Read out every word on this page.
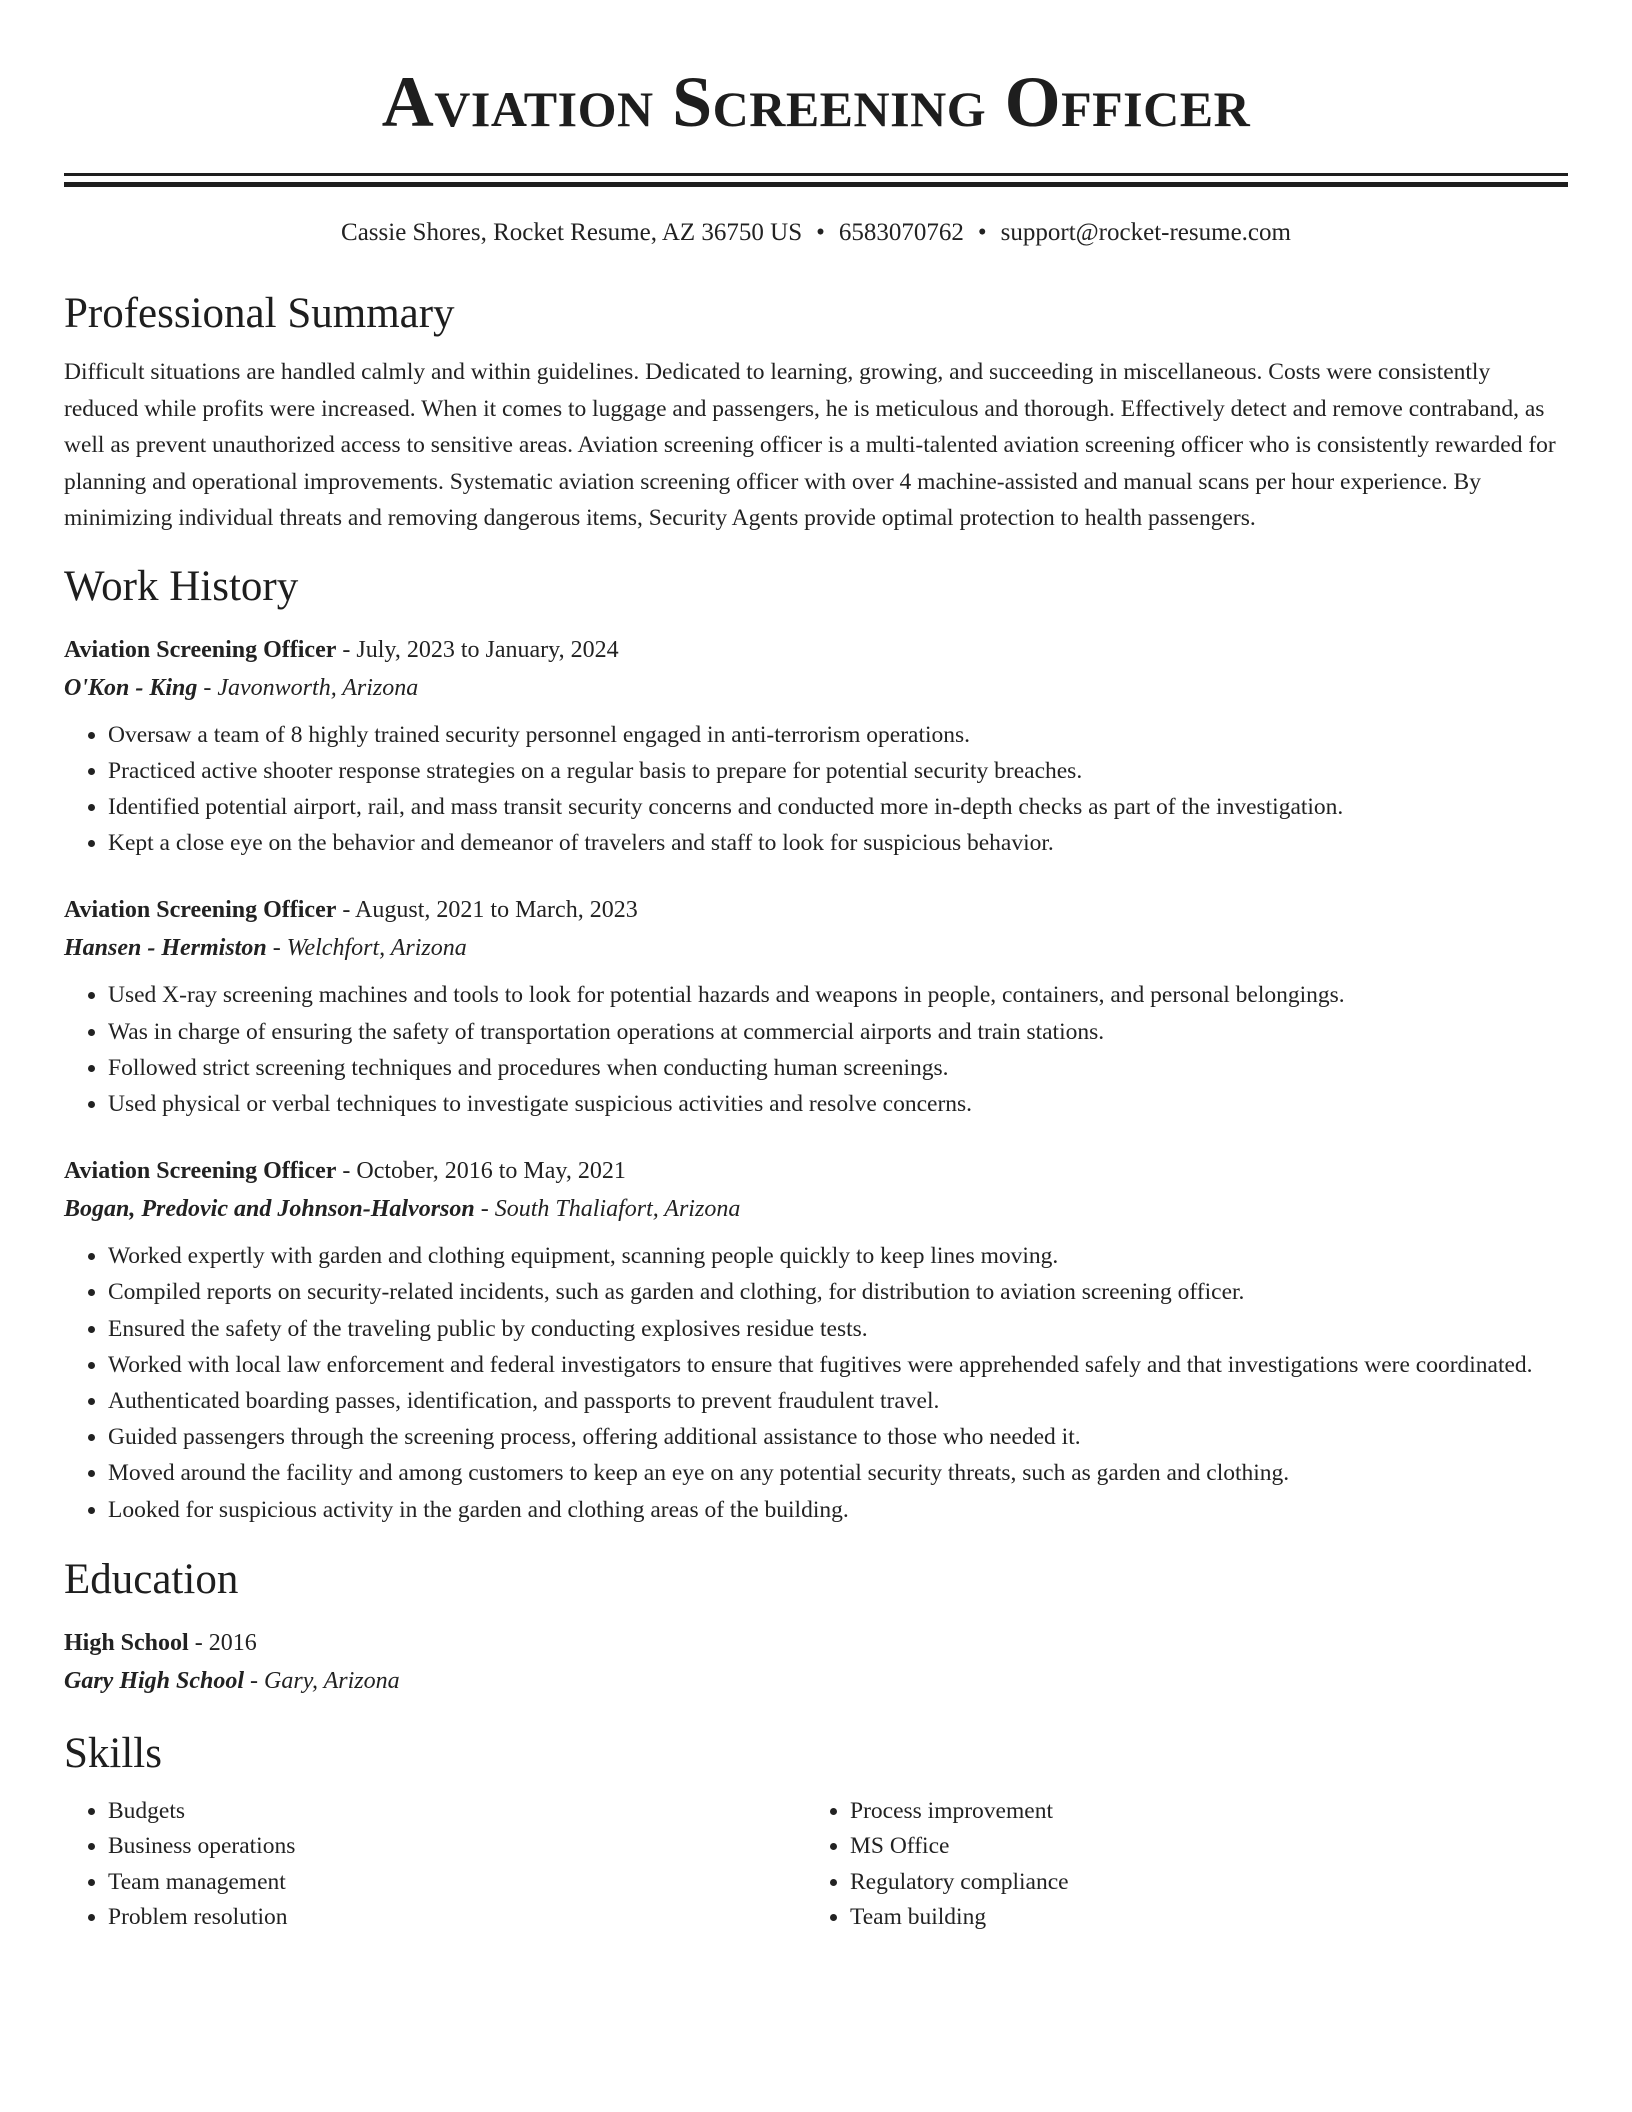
Aviation Screening Officer
Cassie Shores, Rocket Resume, AZ 36750 US • 6583070762 • support@rocket-resume.com
Professional Summary

Difficult situations are handled calmly and within guidelines. Dedicated to learning, growing, and succeeding in miscellaneous. Costs were consistently reduced while profits were increased. When it comes to luggage and passengers, he is meticulous and thorough. Effectively detect and remove contraband, as well as prevent unauthorized access to sensitive areas. Aviation screening officer is a multi-talented aviation screening officer who is consistently rewarded for planning and operational improvements. Systematic aviation screening officer with over 4 machine-assisted and manual scans per hour experience. By minimizing individual threats and removing dangerous items, Security Agents provide optimal protection to health passengers.

Work History
Aviation Screening Officer - July, 2023 to January, 2024
O'Kon - King - Javonworth, Arizona
• Oversaw a team of 8 highly trained security personnel engaged in anti-terrorism operations.
• Practiced active shooter response strategies on a regular basis to prepare for potential security breaches.
• Identified potential airport, rail, and mass transit security concerns and conducted more in-depth checks as part of the investigation.
• Kept a close eye on the behavior and demeanor of travelers and staff to look for suspicious behavior.
Aviation Screening Officer - August, 2021 to March, 2023
Hansen - Hermiston - Welchfort, Arizona
• Used X-ray screening machines and tools to look for potential hazards and weapons in people, containers, and personal belongings.
• Was in charge of ensuring the safety of transportation operations at commercial airports and train stations.
• Followed strict screening techniques and procedures when conducting human screenings.
• Used physical or verbal techniques to investigate suspicious activities and resolve concerns.
Aviation Screening Officer - October, 2016 to May, 2021
Bogan, Predovic and Johnson-Halvorson - South Thaliafort, Arizona
• Worked expertly with garden and clothing equipment, scanning people quickly to keep lines moving.
• Compiled reports on security-related incidents, such as garden and clothing, for distribution to aviation screening officer.
• Ensured the safety of the traveling public by conducting explosives residue tests.
• Worked with local law enforcement and federal investigators to ensure that fugitives were apprehended safely and that investigations were coordinated.
• Authenticated boarding passes, identification, and passports to prevent fraudulent travel.
• Guided passengers through the screening process, offering additional assistance to those who needed it.
• Moved around the facility and among customers to keep an eye on any potential security threats, such as garden and clothing.
• Looked for suspicious activity in the garden and clothing areas of the building.
Education
High School - 2016
Gary High School - Gary, Arizona
Skills
• Budgets
• Business operations
• Team management
• Problem resolution
• Process improvement
• MS Office
• Regulatory compliance
• Team building
